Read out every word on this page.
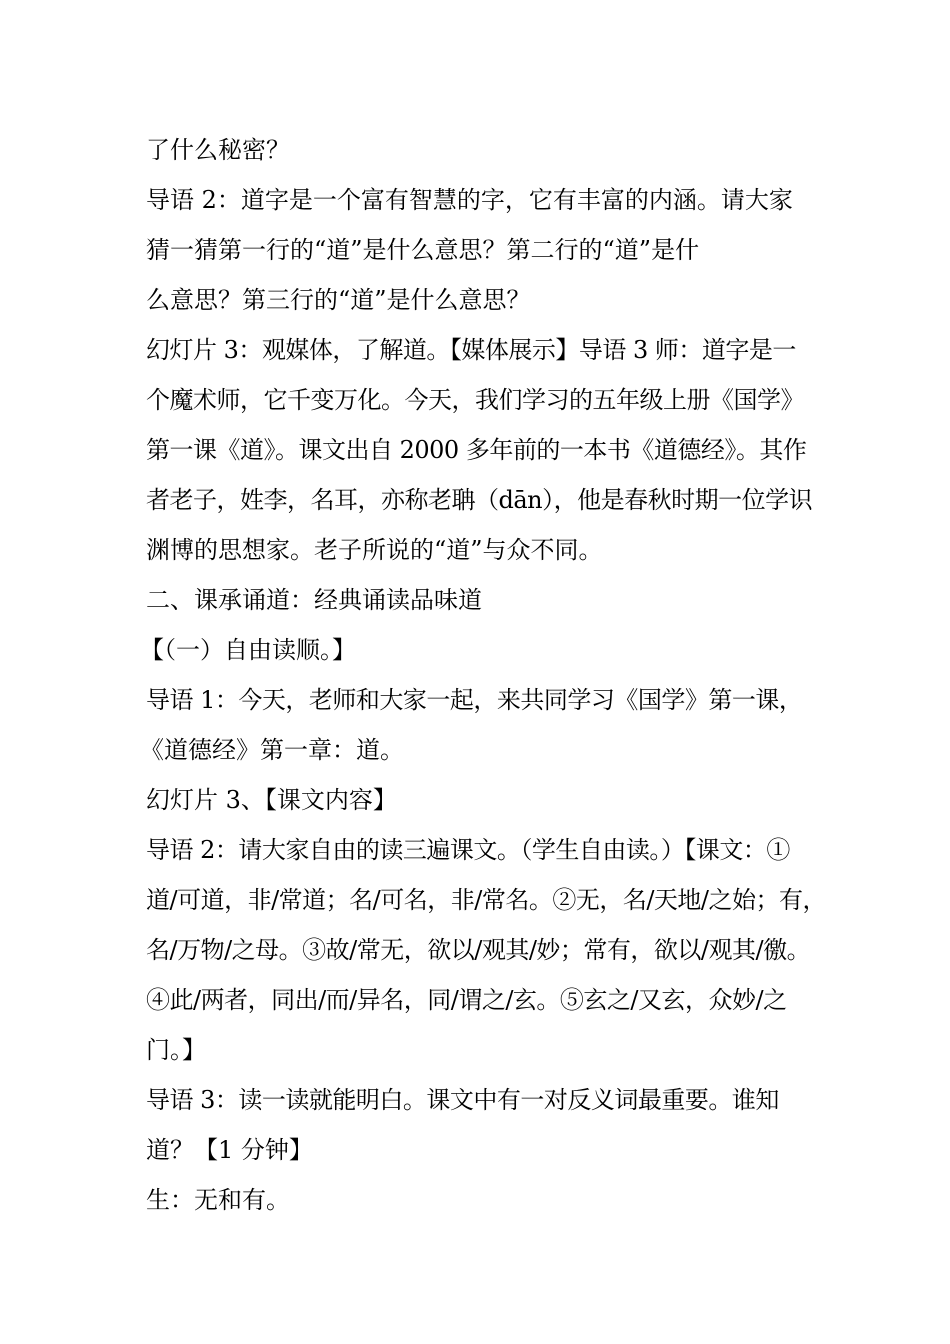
了什么秘密？
导语 2：道字是一个富有智慧的字，它有丰富的内涵。请大家
猜一猜第一行的“道”是什么意思？第二行的“道”是什
么意思？第三行的“道”是什么意思？
幻灯片 3：观媒体，了解道。【媒体展示】导语 3 师：道字是一
个魔术师，它千变万化。今天，我们学习的五年级上册《国学》
第一课《道》。课文出自 2000 多年前的一本书《道德经》。其作
者老子，姓李，名耳，亦称老聃（dān），他是春秋时期一位学识
渊博的思想家。老子所说的“道”与众不同。
二、课承诵道：经典诵读品味道
【（一）自由读顺。】
导语 1：今天，老师和大家一起，来共同学习《国学》第一课，
《道德经》第一章：道。
幻灯片 3、【课文内容】
导语 2：请大家自由的读三遍课文。（学生自由读。）【课文：①
道/可道，非/常道；名/可名，非/常名。②无，名/天地/之始；有，
名/万物/之母。③故/常无，欲以/观其/妙；常有，欲以/观其/徼。
④此/两者，同出/而/异名，同/谓之/玄。⑤玄之/又玄，众妙/之
门。】
导语 3：读一读就能明白。课文中有一对反义词最重要。谁知
道？【1 分钟】
生：无和有。
